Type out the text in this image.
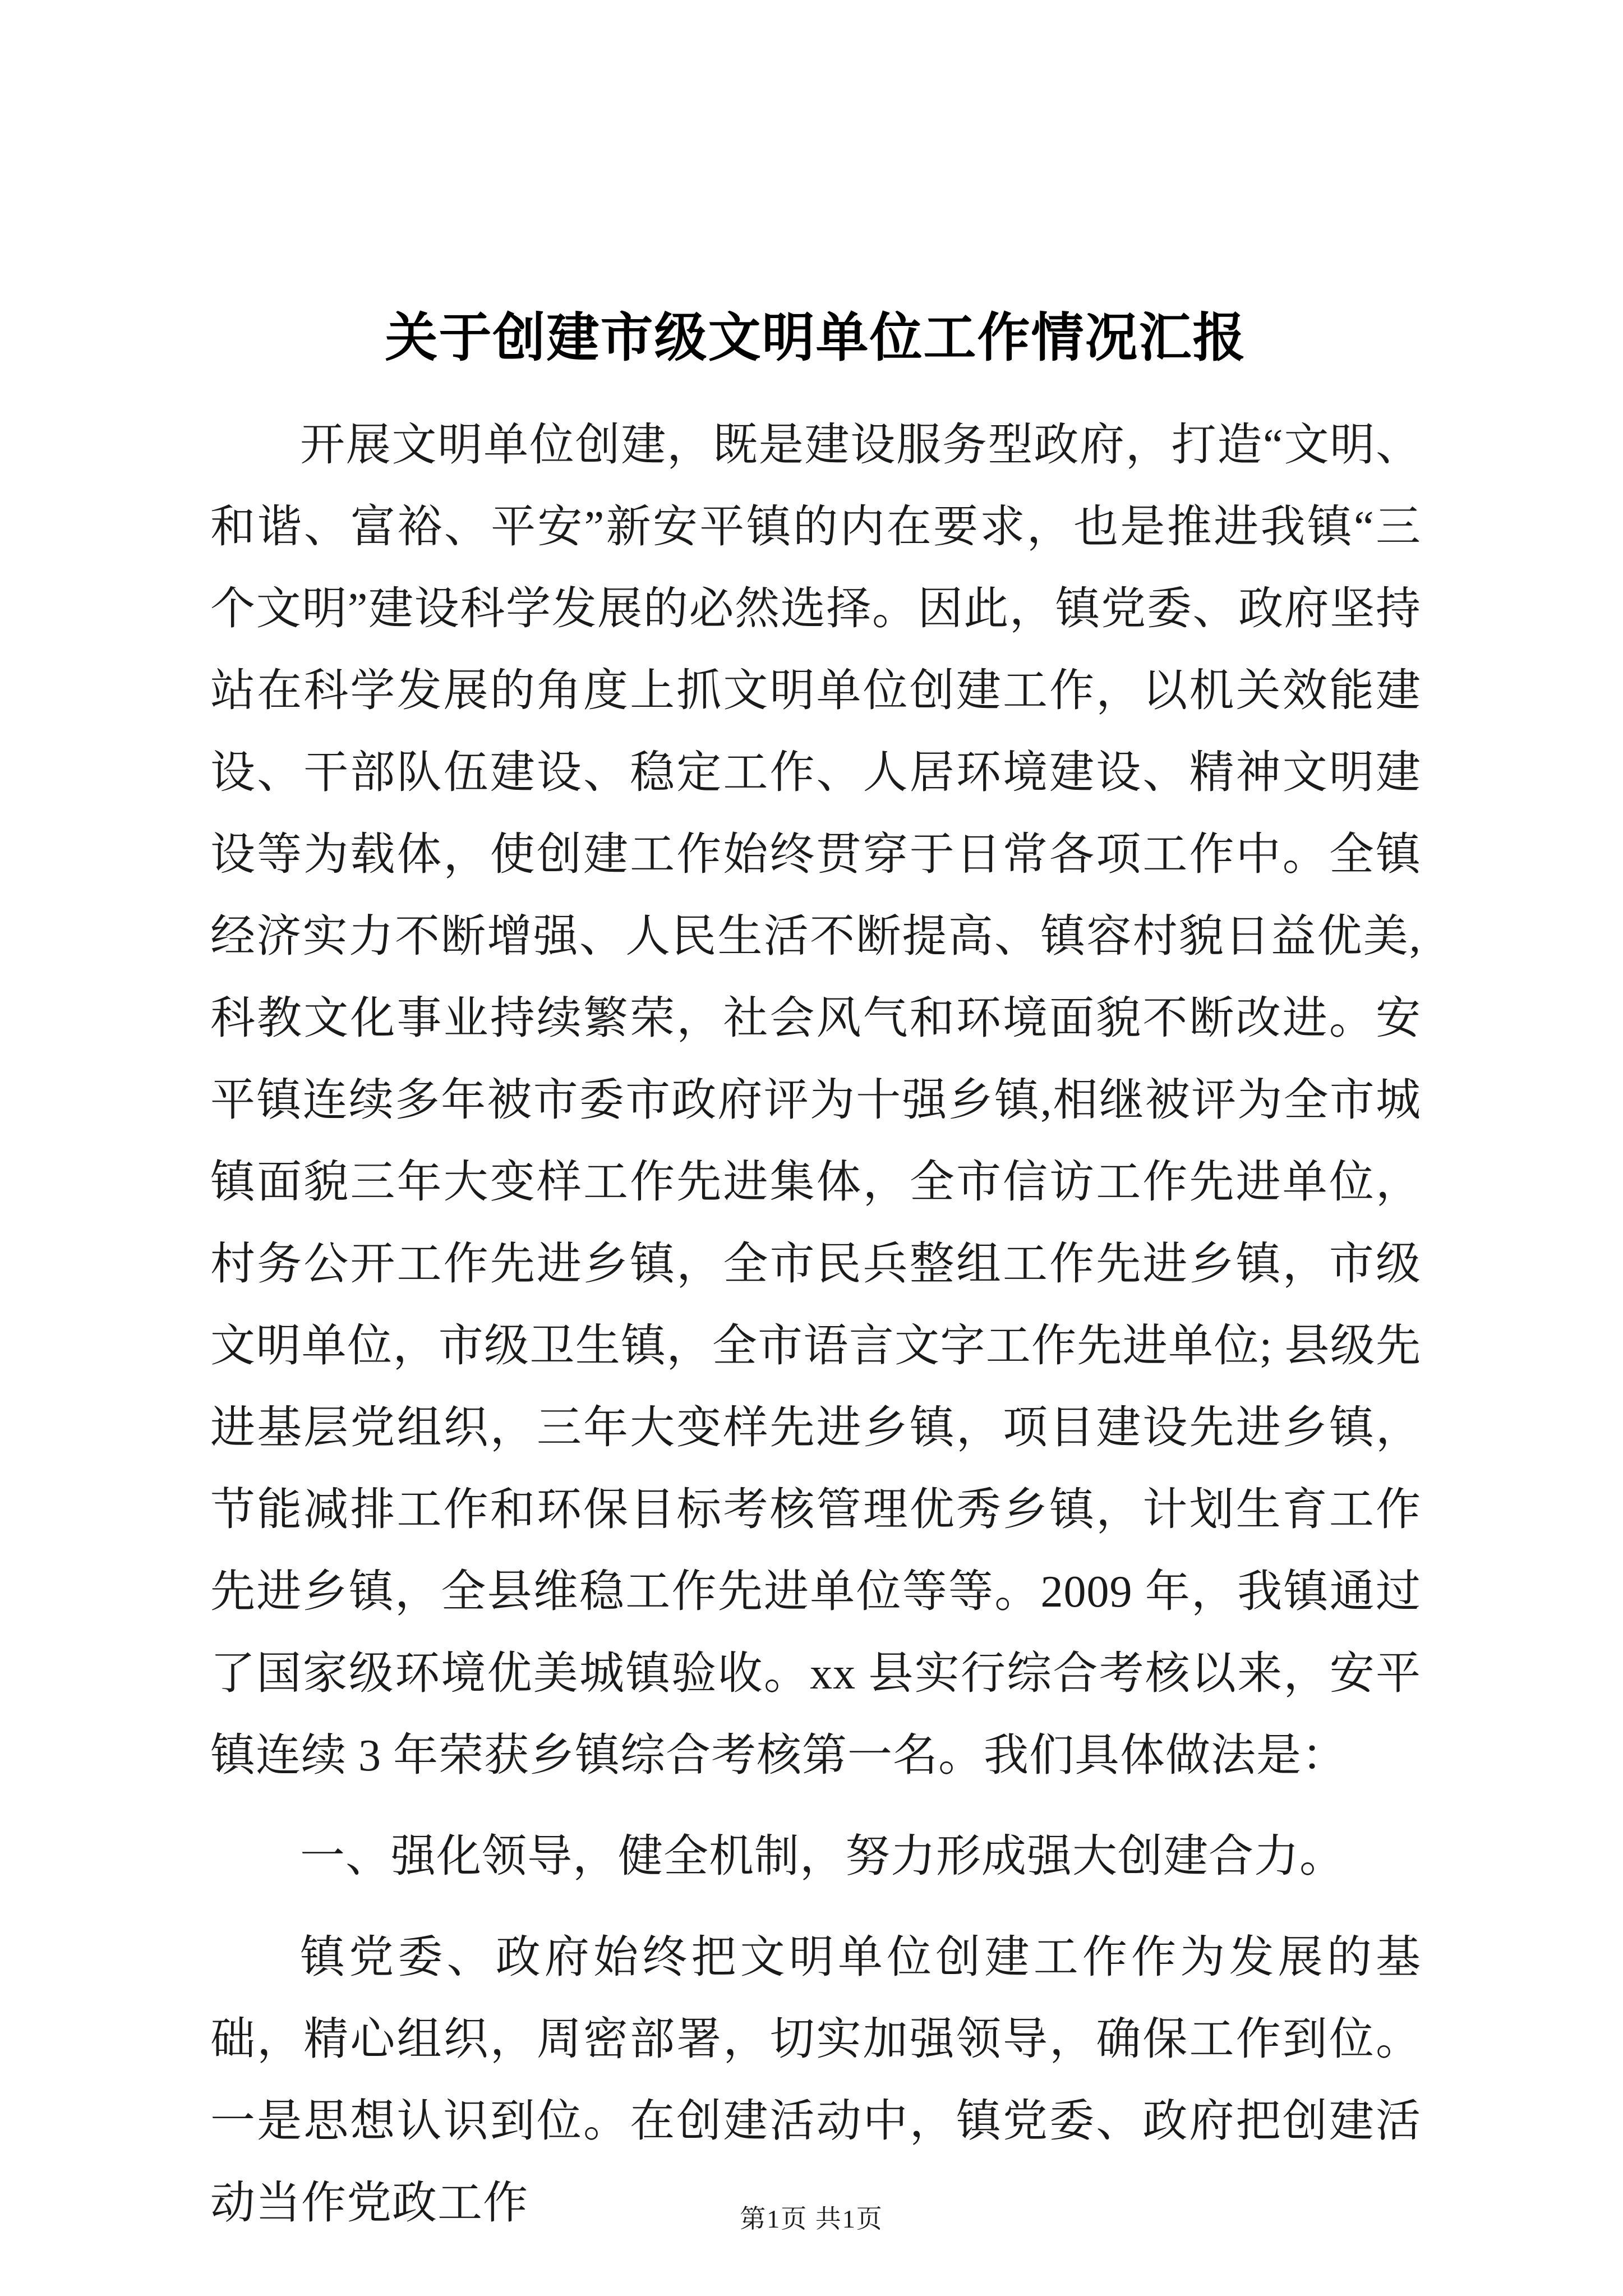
关于创建市级文明单位工作情况汇报

开展文明单位创建，既是建设服务型政府，打造“文明、和谐、富裕、平安”新安平镇的内在要求，也是推进我镇“三个文明”建设科学发展的必然选择。因此，镇党委、政府坚持站在科学发展的角度上抓文明单位创建工作，以机关效能建设、干部队伍建设、稳定工作、人居环境建设、精神文明建设等为载体，使创建工作始终贯穿于日常各项工作中。全镇经济实力不断增强、人民生活不断提高、镇容村貌日益优美,科教文化事业持续繁荣，社会风气和环境面貌不断改进。安平镇连续多年被市委市政府评为十强乡镇,相继被评为全市城镇面貌三年大变样工作先进集体，全市信访工作先进单位，村务公开工作先进乡镇，全市民兵整组工作先进乡镇，市级文明单位，市级卫生镇，全市语言文字工作先进单位; 县级先进基层党组织，三年大变样先进乡镇，项目建设先进乡镇，节能减排工作和环保目标考核管理优秀乡镇，计划生育工作先进乡镇，全县维稳工作先进单位等等。2009 年，我镇通过了国家级环境优美城镇验收。xx 县实行综合考核以来，安平镇连续 3 年荣获乡镇综合考核第一名。我们具体做法是：

一、强化领导，健全机制，努力形成强大创建合力。

镇党委、政府始终把文明单位创建工作作为发展的基础，精心组织，周密部署，切实加强领导，确保工作到位。一是思想认识到位。在创建活动中，镇党委、政府把创建活动当作党政工作	第1页 共1页
